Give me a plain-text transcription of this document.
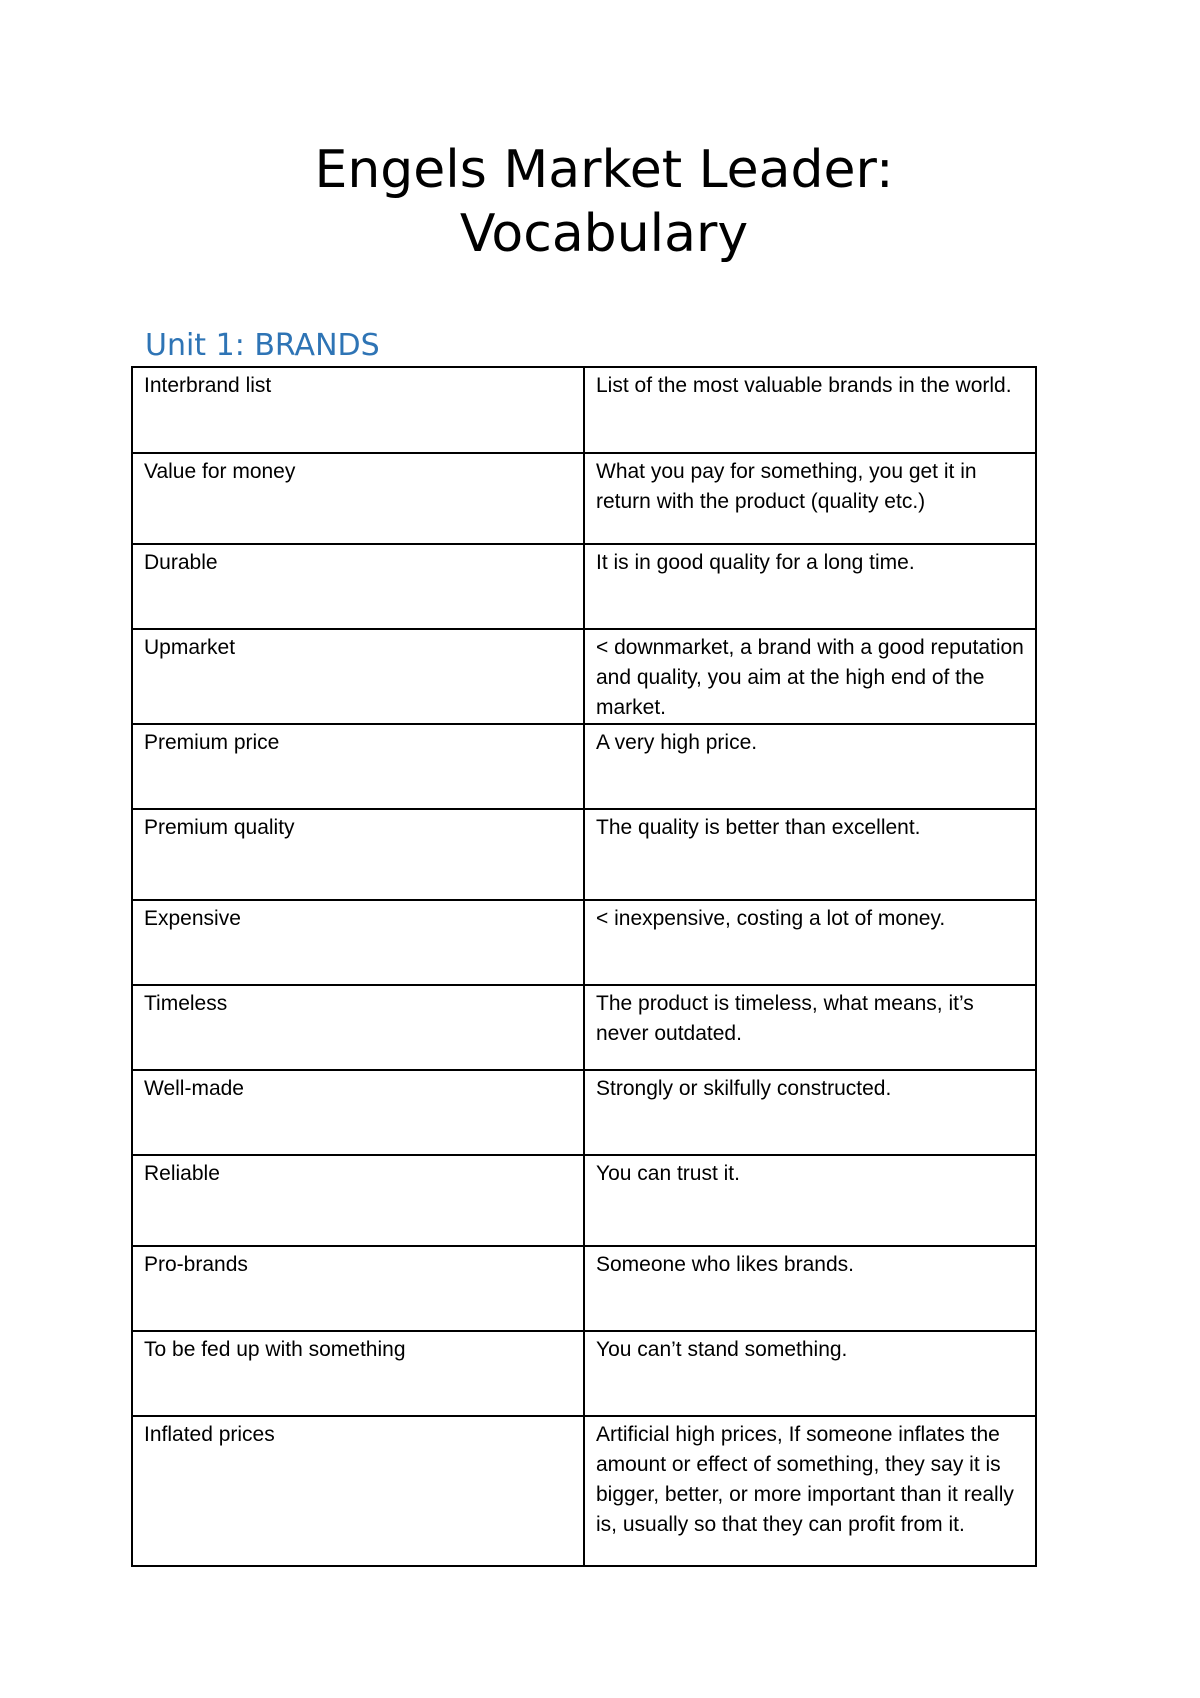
Engels Market Leader:
Vocabulary
Unit 1: BRANDS
Interbrand list	List of the most valuable brands in the world.
Value for money	What you pay for something, you get it in return with the product (quality etc.)
Durable	It is in good quality for a long time.
Upmarket	< downmarket, a brand with a good reputation and quality, you aim at the high end of the market.
Premium price	A very high price.
Premium quality	The quality is better than excellent.
Expensive	< inexpensive, costing a lot of money.
Timeless	The product is timeless, what means, it’s never outdated.
Well-made	Strongly or skilfully constructed.
Reliable	You can trust it.
Pro-brands	Someone who likes brands.
To be fed up with something	You can’t stand something.
Inflated prices	Artificial high prices, If someone inflates the amount or effect of something, they say it is bigger, better, or more important than it really is, usually so that they can profit from it.
